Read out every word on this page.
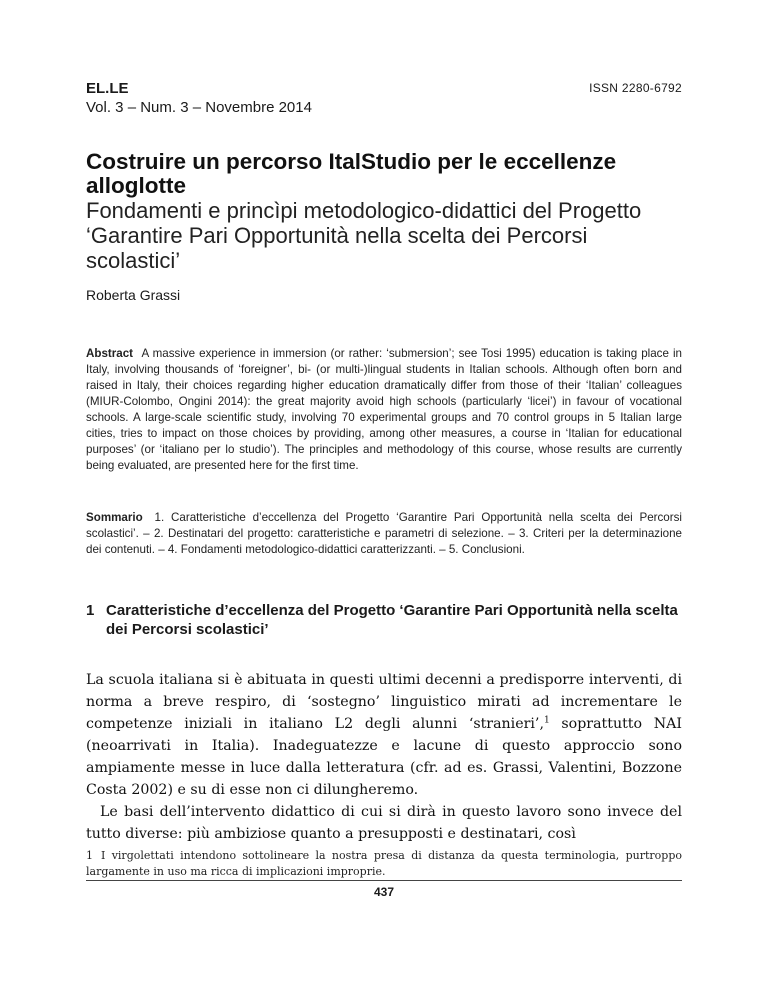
EL.LE
Vol. 3 – Num. 3 – Novembre 2014
ISSN 2280-6792
Costruire un percorso ItalStudio per le eccellenze alloglotte

Fondamenti e princìpi metodologico-didattici del Progetto ‘Garantire Pari Opportunità nella scelta dei Percorsi scolastici’

Roberta Grassi
Abstract A massive experience in immersion (or rather: ‘submersion’; see Tosi 1995) education is taking place in Italy, involving thousands of ‘foreigner’, bi- (or multi-)lingual students in Italian schools. Although often born and raised in Italy, their choices regarding higher education dramatically differ from those of their ‘Italian’ colleagues (MIUR-Colombo, Ongini 2014): the great majority avoid high schools (particularly ‘licei’) in favour of vocational schools. A large-scale scientific study, involving 70 experimental groups and 70 control groups in 5 Italian large cities, tries to impact on those choices by providing, among other measures, a course in ‘Italian for educational purposes’ (or ‘italiano per lo studio’). The principles and methodology of this course, whose results are currently being evaluated, are presented here for the first time.
Sommario 1. Caratteristiche d’eccellenza del Progetto ‘Garantire Pari Opportunità nella scelta dei Percorsi scolastici’. – 2. Destinatari del progetto: caratteristiche e parametri di selezione. – 3. Criteri per la determinazione dei contenuti. – 4. Fondamenti metodologico-didattici caratterizzanti. – 5. Conclusioni.
1 Caratteristiche d’eccellenza del Progetto ‘Garantire Pari Opportunità nella scelta dei Percorsi scolastici’

La scuola italiana si è abituata in questi ultimi decenni a predisporre interventi, di norma a breve respiro, di ‘sostegno’ linguistico mirati ad incrementare le competenze iniziali in italiano L2 degli alunni ‘stranieri’,$^1$ soprattutto NAI (neoarrivati in Italia). Inadeguatezze e lacune di questo approccio sono ampiamente messe in luce dalla letteratura (cfr. ad es. Grassi, Valentini, Bozzone Costa 2002) e su di esse non ci dilungheremo.

Le basi dell’intervento didattico di cui si dirà in questo lavoro sono invece del tutto diverse: più ambiziose quanto a presupposti e destinatari, così

1 I virgolettati intendono sottolineare la nostra presa di distanza da questa terminologia, purtroppo largamente in uso ma ricca di implicazioni improprie.
437
